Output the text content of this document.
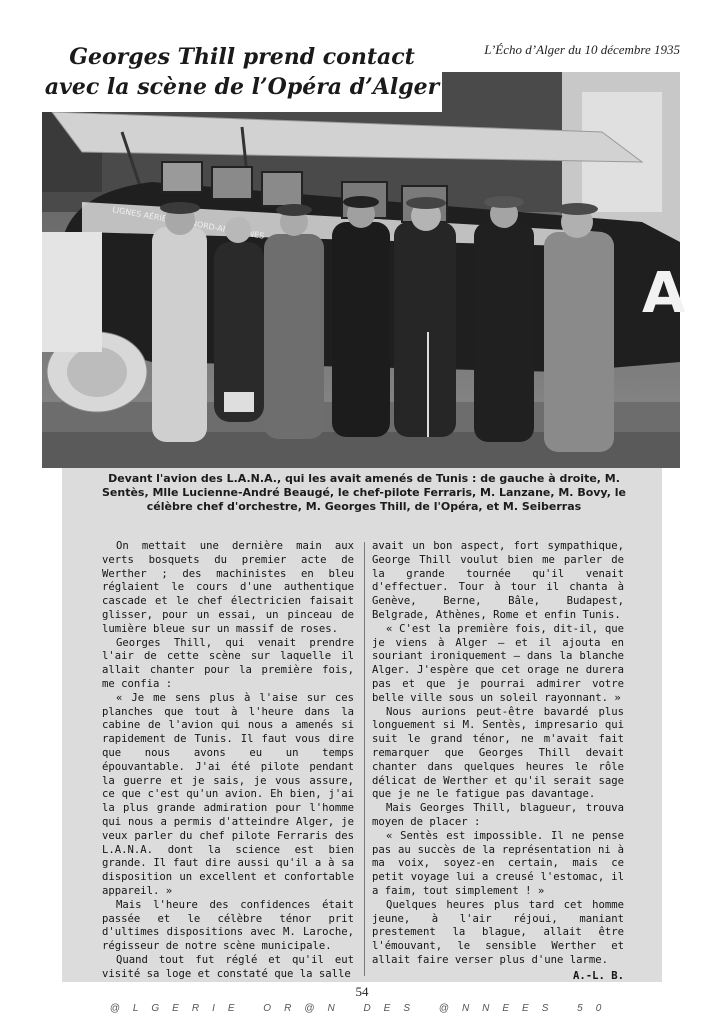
Georges Thill prend contact
avec la scène de l’Opéra d’Alger
L’Écho d’Alger du 10 décembre 1935
LIGNES
A
Devant l'avion des L.A.N.A., qui les avait amenés de Tunis : de gauche à droite, M. Sentès, Mlle Lucienne-André Beaugé, le chef-pilote Ferraris, M. Lanzane, M. Bovy, le célèbre chef d'orchestre, M. Georges Thill, de l'Opéra, et M. Seiberras

On mettait une dernière main aux verts bosquets du premier acte de Werther ; des machinistes en bleu réglaient le cours d'une authentique cascade et le chef électricien faisait glisser, pour un essai, un pinceau de lumière bleue sur un massif de roses.

Georges Thill, qui venait prendre l'air de cette scène sur laquelle il allait chanter pour la première fois, me confia :

« Je me sens plus à l'aise sur ces planches que tout à l'heure dans la cabine de l'avion qui nous a amenés si rapidement de Tunis. Il faut vous dire que nous avons eu un temps épouvantable. J'ai été pilote pendant la guerre et je sais, je vous assure, ce que c'est qu'un avion. Eh bien, j'ai la plus grande admiration pour l'homme qui nous a permis d'atteindre Alger, je veux parler du chef pilote Ferraris des L.A.N.A. dont la science est bien grande. Il faut dire aussi qu'il a à sa disposition un excellent et confortable appareil. »

Mais l'heure des confidences était passée et le célèbre ténor prit d'ultimes dispositions avec M. Laroche, régisseur de notre scène municipale.

Quand tout fut réglé et qu'il eut visité sa loge et constaté que la salle

avait un bon aspect, fort sympathique, George Thill voulut bien me parler de la grande tournée qu'il venait d'effectuer. Tour à tour il chanta à Genève, Berne, Bâle, Budapest, Belgrade, Athènes, Rome et enfin Tunis.

« C'est la première fois, dit-il, que je viens à Alger — et il ajouta en souriant ironiquement — dans la blanche Alger. J'espère que cet orage ne durera pas et que je pourrai admirer votre belle ville sous un soleil rayonnant. »

Nous aurions peut-être bavardé plus longuement si M. Sentès, impresario qui suit le grand ténor, ne m'avait fait remarquer que Georges Thill devait chanter dans quelques heures le rôle délicat de Werther et qu'il serait sage que je ne le fatigue pas davantage.

Mais Georges Thill, blagueur, trouva moyen de placer :

« Sentès est impossible. Il ne pense pas au succès de la représentation ni à ma voix, soyez-en certain, mais ce petit voyage lui a creusé l'estomac, il a faim, tout simplement ! »

Quelques heures plus tard cet homme jeune, à l'air réjoui, maniant prestement la blague, allait être l'émouvant, le sensible Werther et allait faire verser plus d'une larme.

A.-L. B.
54
@LGERIE OR@N DES @NNEES 50
